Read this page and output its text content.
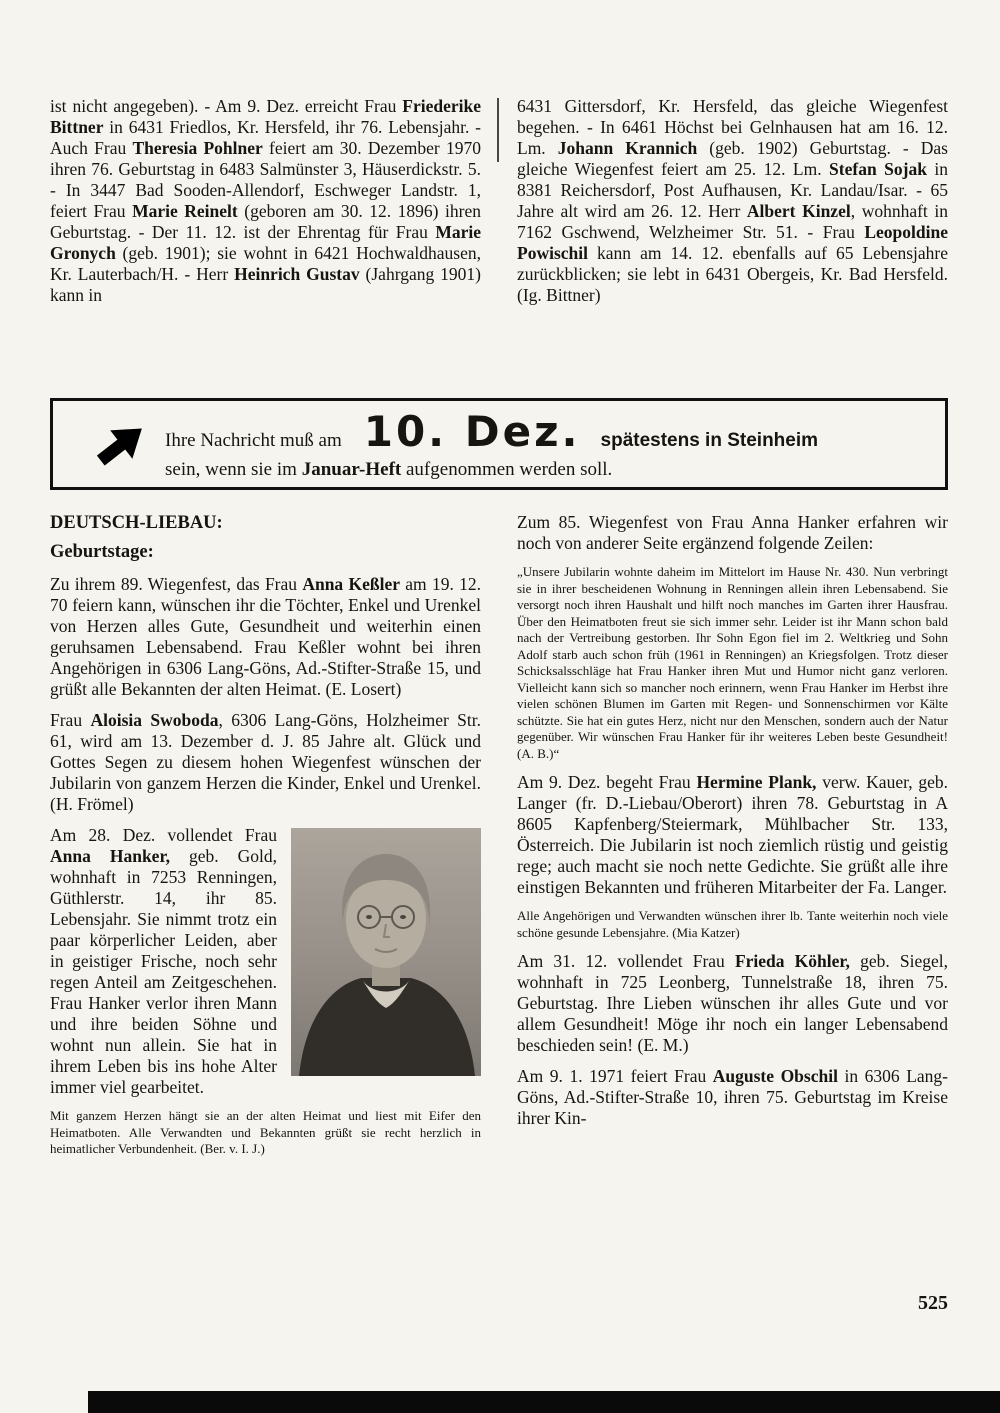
ist nicht angegeben). - Am 9. Dez. erreicht Frau Friederike Bittner in 6431 Friedlos, Kr. Hersfeld, ihr 76. Lebensjahr. - Auch Frau Theresia Pohlner feiert am 30. Dezember 1970 ihren 76. Geburtstag in 6483 Salmünster 3, Häuserdickstr. 5. - In 3447 Bad Sooden-Allendorf, Eschweger Landstr. 1, feiert Frau Marie Reinelt (geboren am 30. 12. 1896) ihren Geburtstag. - Der 11. 12. ist der Ehrentag für Frau Marie Gronych (geb. 1901); sie wohnt in 6421 Hochwaldhausen, Kr. Lauterbach/H. - Herr Heinrich Gustav (Jahrgang 1901) kann in

6431 Gittersdorf, Kr. Hersfeld, das gleiche Wiegenfest begehen. - In 6461 Höchst bei Gelnhausen hat am 16. 12. Lm. Johann Krannich (geb. 1902) Geburtstag. - Das gleiche Wiegenfest feiert am 25. 12. Lm. Stefan Sojak in 8381 Reichersdorf, Post Aufhausen, Kr. Landau/Isar. - 65 Jahre alt wird am 26. 12. Herr Albert Kinzel, wohnhaft in 7162 Gschwend, Welzheimer Str. 51. - Frau Leopoldine Powischil kann am 14. 12. ebenfalls auf 65 Lebensjahre zurückblicken; sie lebt in 6431 Obergeis, Kr. Bad Hersfeld. (Ig. Bittner)

Ihre Nachricht muß am 10. Dez. spätestens in Steinheim
sein, wenn sie im Januar-Heft aufgenommen werden soll.
DEUTSCH-LIEBAU:
Geburtstage:

Zu ihrem 89. Wiegenfest, das Frau Anna Keßler am 19. 12. 70 feiern kann, wünschen ihr die Töchter, Enkel und Urenkel von Herzen alles Gute, Gesundheit und weiterhin einen geruhsamen Lebensabend. Frau Keßler wohnt bei ihren Angehörigen in 6306 Lang-Göns, Ad.-Stifter-Straße 15, und grüßt alle Bekannten der alten Heimat. (E. Losert)

Frau Aloisia Swoboda, 6306 Lang-Göns, Holzheimer Str. 61, wird am 13. Dezember d. J. 85 Jahre alt. Glück und Gottes Segen zu diesem hohen Wiegenfest wünschen der Jubilarin von ganzem Herzen die Kinder, Enkel und Urenkel. (H. Frömel)

Am 28. Dez. vollendet Frau Anna Hanker, geb. Gold, wohnhaft in 7253 Renningen, Güthlerstr. 14, ihr 85. Lebensjahr. Sie nimmt trotz ein paar körperlicher Leiden, aber in geistiger Frische, noch sehr regen Anteil am Zeitgeschehen. Frau Hanker verlor ihren Mann und ihre beiden Söhne und wohnt nun allein. Sie hat in ihrem Leben bis ins hohe Alter immer viel gearbeitet.

Mit ganzem Herzen hängt sie an der alten Heimat und liest mit Eifer den Heimatboten. Alle Verwandten und Bekannten grüßt sie recht herzlich in heimatlicher Verbundenheit. (Ber. v. I. J.)

Zum 85. Wiegenfest von Frau Anna Hanker erfahren wir noch von anderer Seite ergänzend folgende Zeilen:

„Unsere Jubilarin wohnte daheim im Mittelort im Hause Nr. 430. Nun verbringt sie in ihrer bescheidenen Wohnung in Renningen allein ihren Lebensabend. Sie versorgt noch ihren Haushalt und hilft noch manches im Garten ihrer Hausfrau. Über den Heimatboten freut sie sich immer sehr. Leider ist ihr Mann schon bald nach der Vertreibung gestorben. Ihr Sohn Egon fiel im 2. Weltkrieg und Sohn Adolf starb auch schon früh (1961 in Renningen) an Kriegsfolgen. Trotz dieser Schicksalsschläge hat Frau Hanker ihren Mut und Humor nicht ganz verloren. Vielleicht kann sich so mancher noch erinnern, wenn Frau Hanker im Herbst ihre vielen schönen Blumen im Garten mit Regen- und Sonnenschirmen vor Kälte schützte. Sie hat ein gutes Herz, nicht nur den Menschen, sondern auch der Natur gegenüber. Wir wünschen Frau Hanker für ihr weiteres Leben beste Gesundheit! (A. B.)“

Am 9. Dez. begeht Frau Hermine Plank, verw. Kauer, geb. Langer (fr. D.-Liebau/Oberort) ihren 78. Geburtstag in A 8605 Kapfenberg/Steiermark, Mühlbacher Str. 133, Österreich. Die Jubilarin ist noch ziemlich rüstig und geistig rege; auch macht sie noch nette Gedichte. Sie grüßt alle ihre einstigen Bekannten und früheren Mitarbeiter der Fa. Langer.

Alle Angehörigen und Verwandten wünschen ihrer lb. Tante weiterhin noch viele schöne gesunde Lebensjahre. (Mia Katzer)

Am 31. 12. vollendet Frau Frieda Köhler, geb. Siegel, wohnhaft in 725 Leonberg, Tunnelstraße 18, ihren 75. Geburtstag. Ihre Lieben wünschen ihr alles Gute und vor allem Gesundheit! Möge ihr noch ein langer Lebensabend beschieden sein! (E. M.)

Am 9. 1. 1971 feiert Frau Auguste Obschil in 6306 Lang-Göns, Ad.-Stifter-Straße 10, ihren 75. Geburtstag im Kreise ihrer Kin-

525
